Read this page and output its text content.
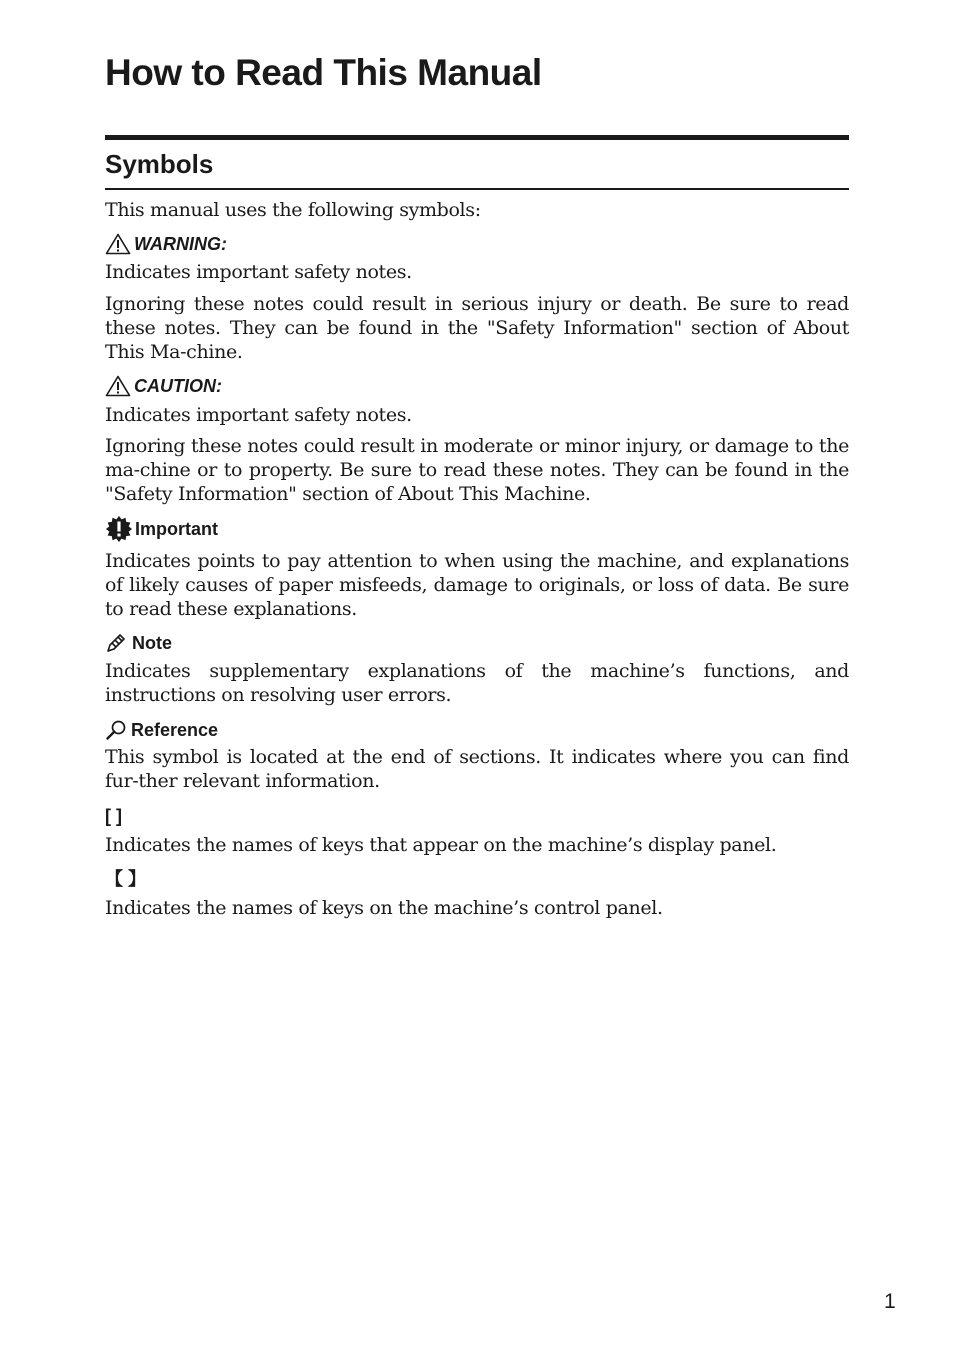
How to Read This Manual
Symbols

This manual uses the following symbols:

WARNING:

Indicates important safety notes.

Ignoring these notes could result in serious injury or death. Be sure to read these notes. They can be found in the "Safety Information" section of About This Ma-chine.

CAUTION:

Indicates important safety notes.

Ignoring these notes could result in moderate or minor injury, or damage to the ma-chine or to property. Be sure to read these notes. They can be found in the "Safety Information" section of About This Machine.

Important

Indicates points to pay attention to when using the machine, and explanations of likely causes of paper misfeeds, damage to originals, or loss of data. Be sure to read these explanations.

Note

Indicates supplementary explanations of the machine’s functions, and instructions on resolving user errors.

Reference

This symbol is located at the end of sections. It indicates where you can find fur-ther relevant information.

[ ]

Indicates the names of keys that appear on the machine’s display panel.

【 】

Indicates the names of keys on the machine’s control panel.

1
